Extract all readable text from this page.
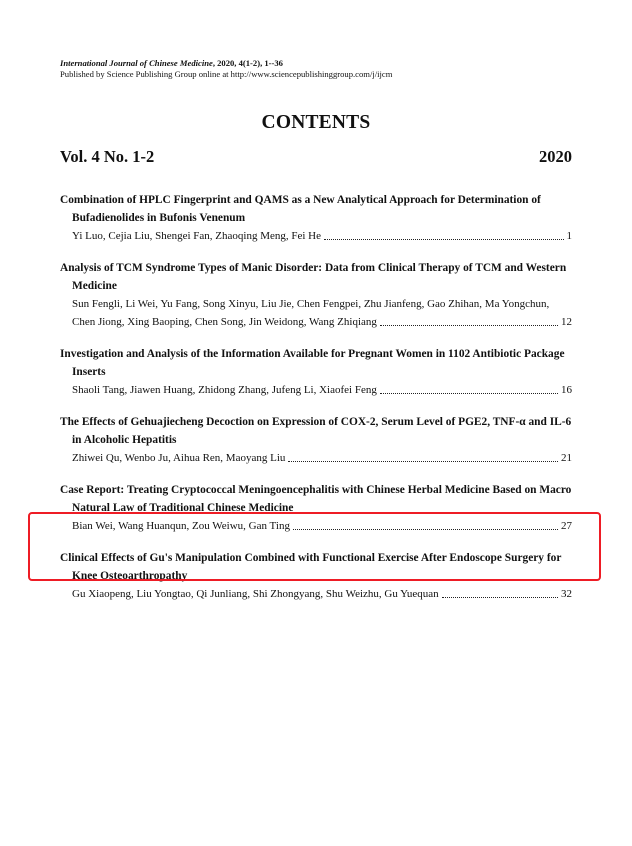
International Journal of Chinese Medicine, 2020, 4(1-2), 1--36
Published by Science Publishing Group online at http://www.sciencepublishinggroup.com/j/ijcm
CONTENTS
Vol. 4 No. 1-2	2020
Combination of HPLC Fingerprint and QAMS as a New Analytical Approach for Determination of Bufadienolides in Bufonis Venenum
Yi Luo, Cejia Liu, Shengei Fan, Zhaoqing Meng, Fei He	1
Analysis of TCM Syndrome Types of Manic Disorder: Data from Clinical Therapy of TCM and Western Medicine
Sun Fengli, Li Wei, Yu Fang, Song Xinyu, Liu Jie, Chen Fengpei, Zhu Jianfeng, Gao Zhihan, Ma Yongchun,
Chen Jiong, Xing Baoping, Chen Song, Jin Weidong, Wang Zhiqiang	12
Investigation and Analysis of the Information Available for Pregnant Women in 1102 Antibiotic Package Inserts
Shaoli Tang, Jiawen Huang, Zhidong Zhang, Jufeng Li, Xiaofei Feng	16
The Effects of Gehuajiecheng Decoction on Expression of COX-2, Serum Level of PGE2, TNF-α and IL-6 in Alcoholic Hepatitis
Zhiwei Qu, Wenbo Ju, Aihua Ren, Maoyang Liu	21
Case Report: Treating Cryptococcal Meningoencephalitis with Chinese Herbal Medicine Based on Macro Natural Law of Traditional Chinese Medicine
Bian Wei, Wang Huanqun, Zou Weiwu, Gan Ting	27
Clinical Effects of Gu's Manipulation Combined with Functional Exercise After Endoscope Surgery for Knee Osteoarthropathy
Gu Xiaopeng, Liu Yongtao, Qi Junliang, Shi Zhongyang, Shu Weizhu, Gu Yuequan	32
